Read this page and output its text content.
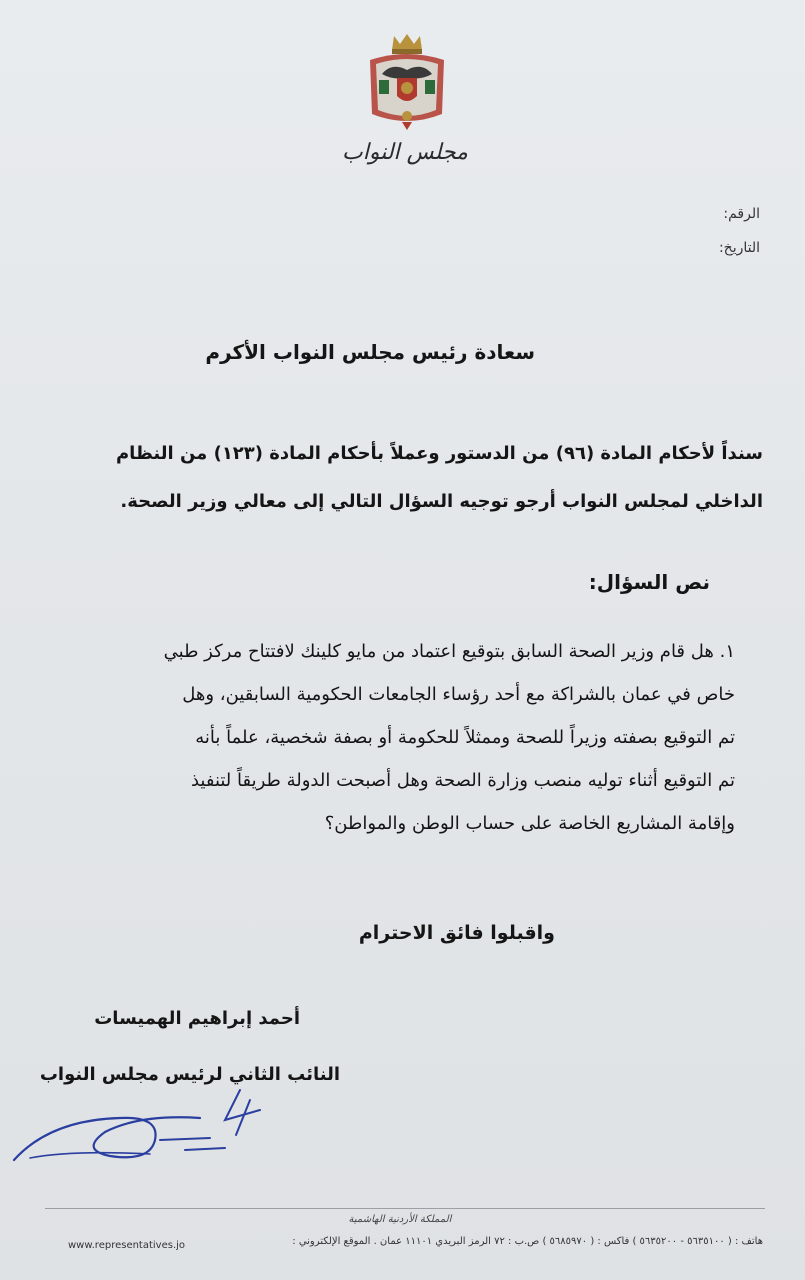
مجلس النواب
الرقم:
التاريخ:
سعادة رئيس مجلس النواب الأكرم

سنداً لأحكام المادة (٩٦) من الدستور وعملاً بأحكام المادة (١٢٣) من النظام
الداخلي لمجلس النواب أرجو توجيه السؤال التالي إلى معالي وزير الصحة.

نص السؤال:

١. هل قام وزير الصحة السابق بتوقيع اعتماد من مايو كلينك لافتتاح مركز طبي
خاص في عمان بالشراكة مع أحد رؤساء الجامعات الحكومية السابقين، وهل
تم التوقيع بصفته وزيراً للصحة وممثلاً للحكومة أو بصفة شخصية، علماً بأنه
تم التوقيع أثناء توليه منصب وزارة الصحة وهل أصبحت الدولة طريقاً لتنفيذ
وإقامة المشاريع الخاصة على حساب الوطن والمواطن؟

واقبلوا فائق الاحترام
أحمد إبراهيم الهميسات
النائب الثاني لرئيس مجلس النواب
المملكة الأردنية الهاشمية
هاتف : ( ٥٦٣٥١٠٠ - ٥٦٣٥٢٠٠ ) فاكس : ( ٥٦٨٥٩٧٠ ) ص.ب : ٧٢ الرمز البريدي ١١١٠١ عمان . الموقع الإلكتروني :
www.representatives.jo
